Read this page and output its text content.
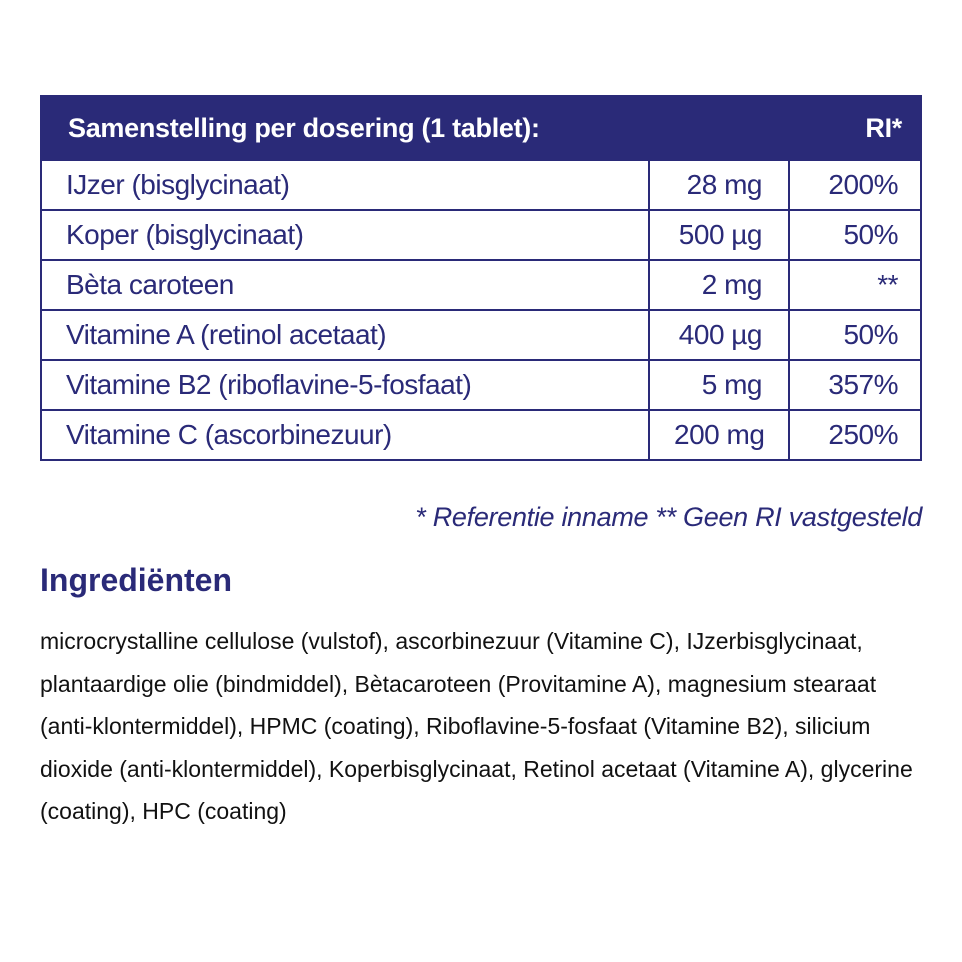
Samenstelling per dosering (1 tablet):		RI*
IJzer (bisglycinaat)	28 mg	200%
Koper (bisglycinaat)	500 µg	50%
Bèta caroteen	2 mg	**
Vitamine A (retinol acetaat)	400 µg	50%
Vitamine B2 (riboflavine-5-fosfaat)	5 mg	357%
Vitamine C (ascorbinezuur)	200 mg	250%
* Referentie inname ** Geen RI vastgesteld
Ingrediënten

microcrystalline cellulose (vulstof), ascorbinezuur (Vitamine C), IJzerbisglycinaat, plantaardige olie (bindmiddel), Bètacaroteen (Provitamine A), magnesium stearaat (anti-klontermiddel), HPMC (coating), Riboflavine-5-fosfaat (Vitamine B2), silicium dioxide (anti-klontermiddel), Koperbisglycinaat, Retinol acetaat (Vitamine A), glycerine (coating), HPC (coating)
